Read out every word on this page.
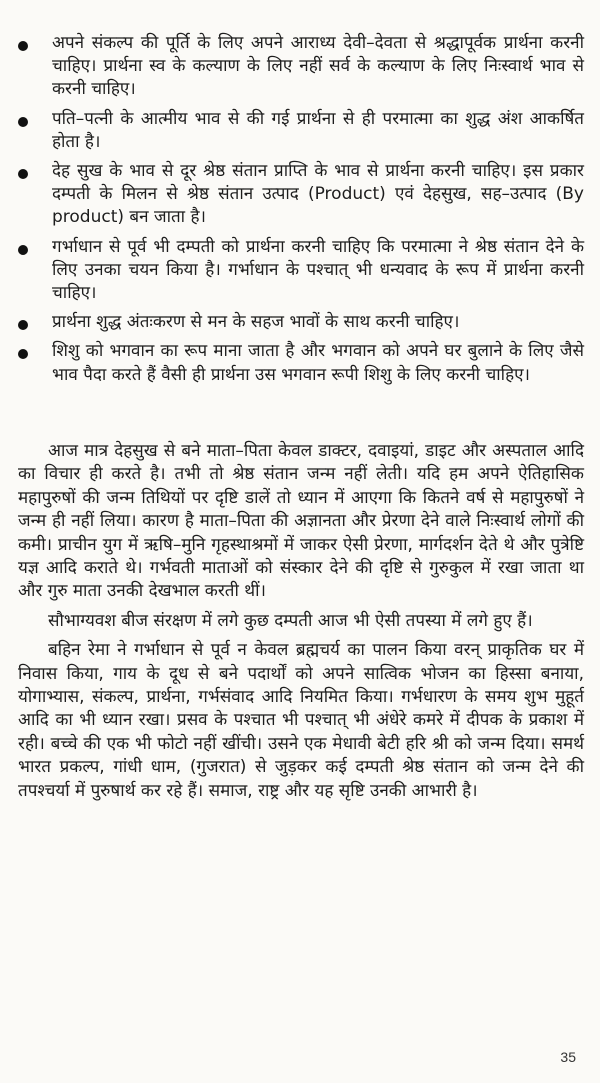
अपने संकल्प की पूर्ति के लिए अपने आराध्य देवी–देवता से श्रद्धापूर्वक प्रार्थना करनी चाहिए। प्रार्थना स्व के कल्याण के लिए नहीं सर्व के कल्याण के लिए निःस्वार्थ भाव से करनी चाहिए।
पति–पत्नी के आत्मीय भाव से की गई प्रार्थना से ही परमात्मा का शुद्ध अंश आकर्षित होता है।
देह सुख के भाव से दूर श्रेष्ठ संतान प्राप्ति के भाव से प्रार्थना करनी चाहिए। इस प्रकार दम्पती के मिलन से श्रेष्ठ संतान उत्पाद (Product) एवं देहसुख, सह–उत्पाद (By product) बन जाता है।
गर्भाधान से पूर्व भी दम्पती को प्रार्थना करनी चाहिए कि परमात्मा ने श्रेष्ठ संतान देने के लिए उनका चयन किया है। गर्भाधान के पश्चात् भी धन्यवाद के रूप में प्रार्थना करनी चाहिए।
प्रार्थना शुद्ध अंतःकरण से मन के सहज भावों के साथ करनी चाहिए।
शिशु को भगवान का रूप माना जाता है और भगवान को अपने घर बुलाने के लिए जैसे भाव पैदा करते हैं वैसी ही प्रार्थना उस भगवान रूपी शिशु के लिए करनी चाहिए।

आज मात्र देहसुख से बने माता–पिता केवल डाक्टर, दवाइयां, डाइट और अस्पताल आदि का विचार ही करते है। तभी तो श्रेष्ठ संतान जन्म नहीं लेती। यदि हम अपने ऐतिहासिक महापुरुषों की जन्म तिथियों पर दृष्टि डालें तो ध्यान में आएगा कि कितने वर्ष से महापुरुषों ने जन्म ही नहीं लिया। कारण है माता–पिता की अज्ञानता और प्रेरणा देने वाले निःस्वार्थ लोगों की कमी। प्राचीन युग में ऋषि–मुनि गृहस्थाश्रमों में जाकर ऐसी प्रेरणा, मार्गदर्शन देते थे और पुत्रेष्टि यज्ञ आदि कराते थे। गर्भवती माताओं को संस्कार देने की दृष्टि से गुरुकुल में रखा जाता था और गुरु माता उनकी देखभाल करती थीं।

सौभाग्यवश बीज संरक्षण में लगे कुछ दम्पती आज भी ऐसी तपस्या में लगे हुए हैं।

बहिन रेमा ने गर्भाधान से पूर्व न केवल ब्रह्मचर्य का पालन किया वरन् प्राकृतिक घर में निवास किया, गाय के दूध से बने पदार्थों को अपने सात्विक भोजन का हिस्सा बनाया, योगाभ्यास, संकल्प, प्रार्थना, गर्भसंवाद आदि नियमित किया। गर्भधारण के समय शुभ मुहूर्त आदि का भी ध्यान रखा। प्रसव के पश्चात भी पश्चात् भी अंधेरे कमरे में दीपक के प्रकाश में रही। बच्चे की एक भी फोटो नहीं खींची। उसने एक मेधावी बेटी हरि श्री को जन्म दिया। समर्थ भारत प्रकल्प, गांधी धाम, (गुजरात) से जुड़कर कई दम्पती श्रेष्ठ संतान को जन्म देने की तपश्चर्या में पुरुषार्थ कर रहे हैं। समाज, राष्ट्र और यह सृष्टि उनकी आभारी है।

35
